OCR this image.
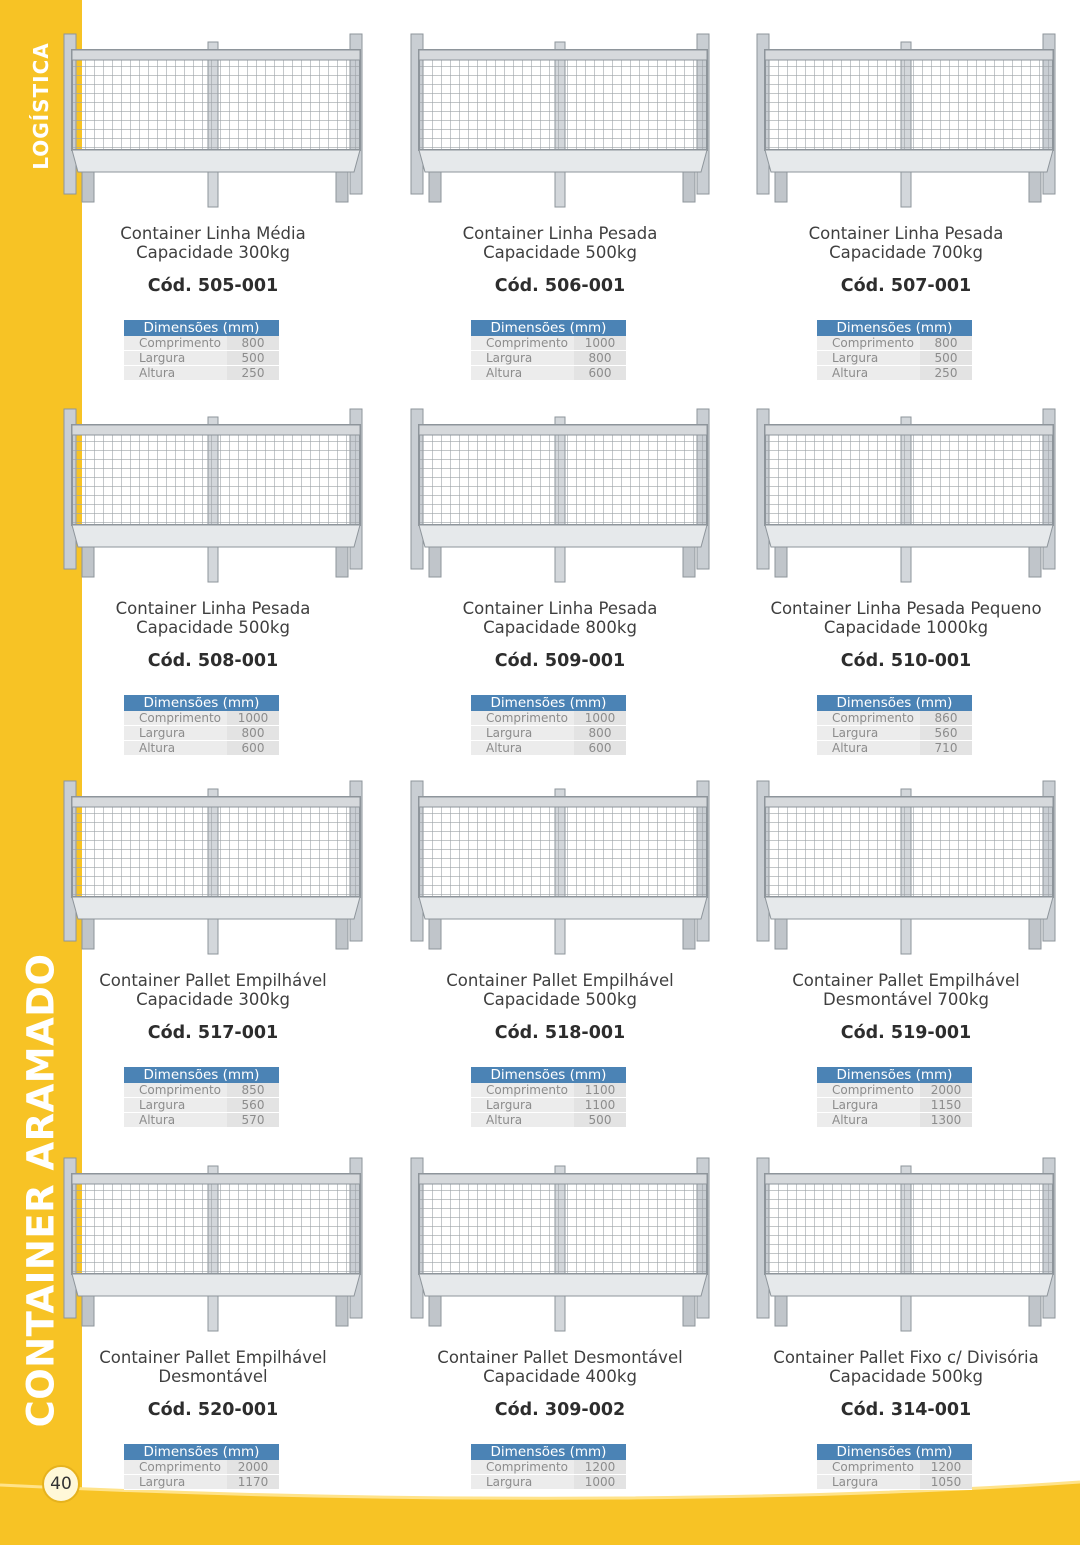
LOGÍSTICA
CONTAINER ARAMADO
40
Container Linha Média
Capacidade 300kg
Cód. 505-001
Dimensões (mm)
Comprimento	800
Largura	500
Altura	250
Container Linha Pesada
Capacidade 500kg
Cód. 506-001
Dimensões (mm)
Comprimento	1000
Largura	800
Altura	600
Container Linha Pesada
Capacidade 700kg
Cód. 507-001
Dimensões (mm)
Comprimento	800
Largura	500
Altura	250
Container Linha Pesada
Capacidade 500kg
Cód. 508-001
Dimensões (mm)
Comprimento	1000
Largura	800
Altura	600
Container Linha Pesada
Capacidade 800kg
Cód. 509-001
Dimensões (mm)
Comprimento	1000
Largura	800
Altura	600
Container Linha Pesada Pequeno
Capacidade 1000kg
Cód. 510-001
Dimensões (mm)
Comprimento	860
Largura	560
Altura	710
Container Pallet Empilhável
Capacidade 300kg
Cód. 517-001
Dimensões (mm)
Comprimento	850
Largura	560
Altura	570
Container Pallet Empilhável
Capacidade 500kg
Cód. 518-001
Dimensões (mm)
Comprimento	1100
Largura	1100
Altura	500
Container Pallet Empilhável
Desmontável 700kg
Cód. 519-001
Dimensões (mm)
Comprimento	2000
Largura	1150
Altura	1300
Container Pallet Empilhável
Desmontável
Cód. 520-001
Dimensões (mm)
Comprimento	2000
Largura	1170
Container Pallet Desmontável
Capacidade 400kg
Cód. 309-002
Dimensões (mm)
Comprimento	1200
Largura	1000
Container Pallet Fixo c/ Divisória
Capacidade 500kg
Cód. 314-001
Dimensões (mm)
Comprimento	1200
Largura	1050
